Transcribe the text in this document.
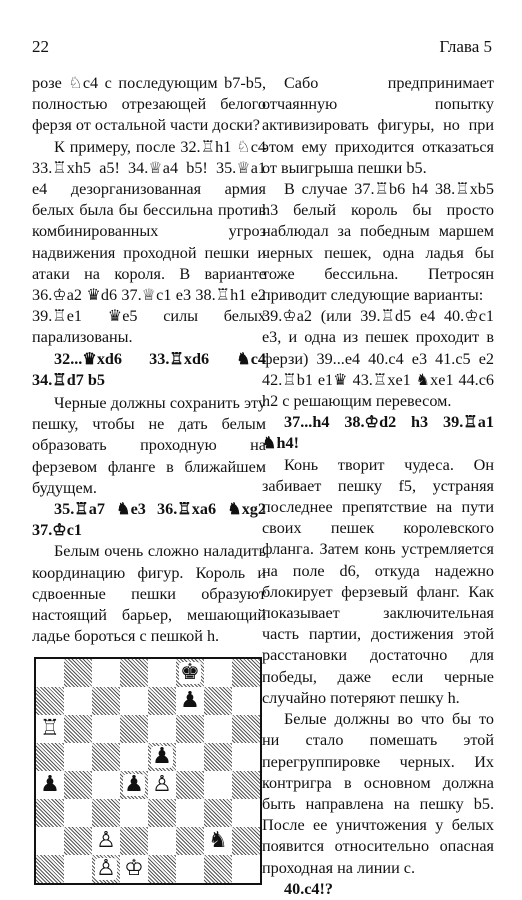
22	Глава 5

розе ♘c4 с последующим b7-b5, полностью отрезающей белого ферзя от остальной части доски?

К примеру, после 32.♖h1 ♘c4 33.♖xh5 a5! 34.♕a4 b5! 35.♕a1 e4 дезорганизованная армия белых была бы бессильна против комбинированных угроз надвижения проходной пешки и атаки на короля. В варианте 36.♔a2 ♛d6 37.♕c1 e3 38.♖h1 e2 39.♖e1 ♛e5 силы белых парализованы.

32...♛xd6 33.♖xd6 ♞c4 34.♖d7 b5

Черные должны сохранить эту пешку, чтобы не дать белым образовать проходную на ферзевом фланге в ближайшем будущем.

35.♖a7 ♞e3 36.♖xa6 ♞xg2 37.♔c1

Белым очень сложно наладить координацию фигур. Король и сдвоенные пешки образуют настоящий барьер, мешающий ладье бороться с пешкой h.

♚
♟
♖
♟
♟	♟ ♙
♙	♞
♙ ♔

Сабо предпринимает отчаянную попытку активизировать фигуры, но при этом ему приходится отказаться от выигрыша пешки b5.

В случае 37.♖b6 h4 38.♖xb5 h3 белый король бы просто наблюдал за победным маршем черных пешек, одна ладья бы тоже бессильна. Петросян приводит следующие варианты:

39.♔a2 (или 39.♖d5 e4 40.♔c1 e3, и одна из пешек проходит в ферзи) 39...e4 40.c4 e3 41.c5 e2 42.♖b1 e1♛ 43.♖xe1 ♞xe1 44.c6 h2 с решающим перевесом.

37...h4 38.♔d2 h3 39.♖a1 ♞h4!

Конь творит чудеса. Он забивает пешку f5, устраняя последнее препятствие на пути своих пешек королевского фланга. Затем конь устремляется на поле d6, откуда надежно блокирует ферзевый фланг. Как показывает заключительная часть партии, достижения этой расстановки достаточно для победы, даже если черные случайно потеряют пешку h.

Белые должны во что бы то ни стало помешать этой перегруппировке черных. Их контригра в основном должна быть направлена на пешку b5. После ее уничтожения у белых появится относительно опасная проходная на линии c.

40.c4!?
